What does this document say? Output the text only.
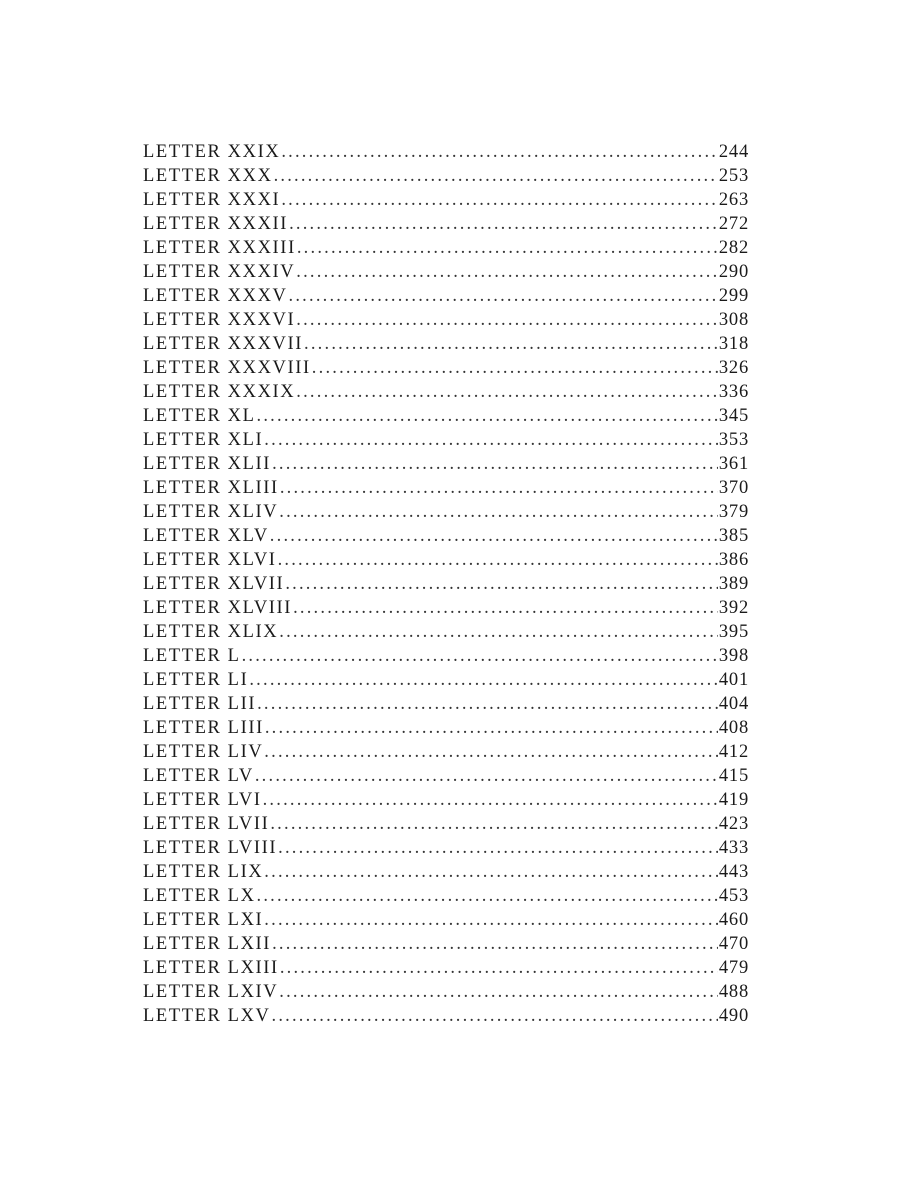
LETTER XXIX .....	244
LETTER XXX .....	253
LETTER XXXI .....	263
LETTER XXXII .....	272
LETTER XXXIII .....	282
LETTER XXXIV .....	290
LETTER XXXV .....	299
LETTER XXXVI .....	308
LETTER XXXVII .....	318
LETTER XXXVIII .....	326
LETTER XXXIX .....	336
LETTER XL .....	345
LETTER XLI .....	353
LETTER XLII .....	361
LETTER XLIII .....	370
LETTER XLIV .....	379
LETTER XLV .....	385
LETTER XLVI .....	386
LETTER XLVII .....	389
LETTER XLVIII .....	392
LETTER XLIX .....	395
LETTER L .....	398
LETTER LI .....	401
LETTER LII .....	404
LETTER LIII .....	408
LETTER LIV .....	412
LETTER LV .....	415
LETTER LVI .....	419
LETTER LVII .....	423
LETTER LVIII .....	433
LETTER LIX .....	443
LETTER LX .....	453
LETTER LXI .....	460
LETTER LXII .....	470
LETTER LXIII .....	479
LETTER LXIV .....	488
LETTER LXV .....	490
